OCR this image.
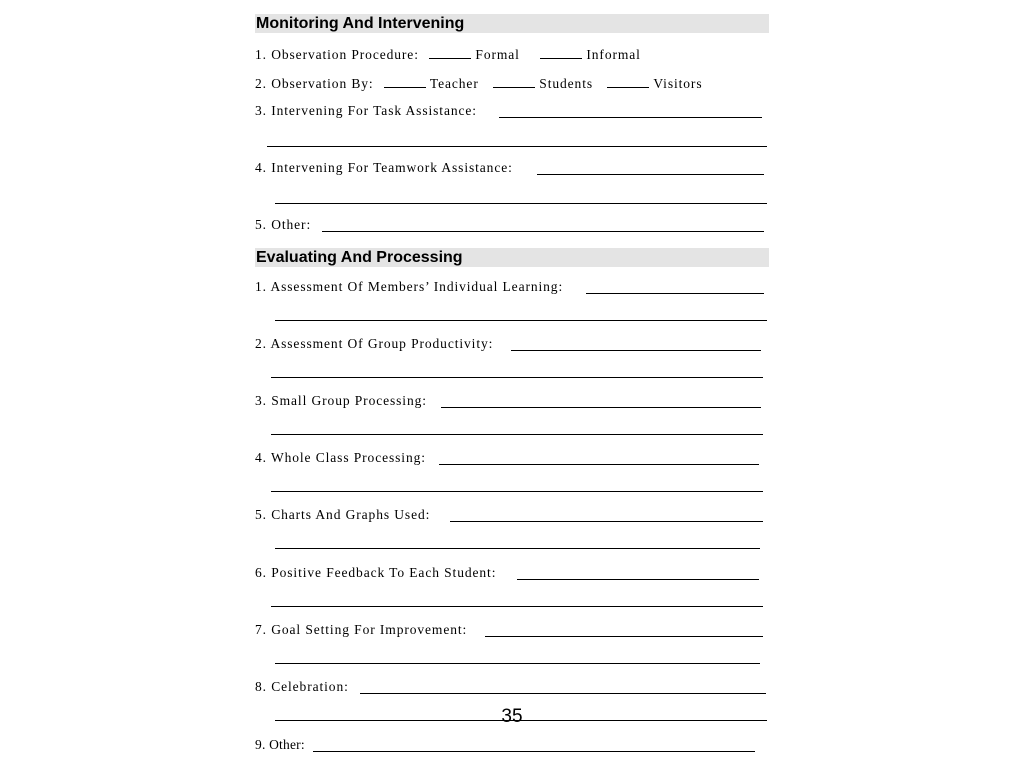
Monitoring And Intervening
1. Observation Procedure:	Formal	Informal
2. Observation By:	Teacher	Students	Visitors
3. Intervening For Task Assistance:
4. Intervening For Teamwork Assistance:
5. Other:
Evaluating And Processing
1. Assessment Of Members’ Individual Learning:
2. Assessment Of Group Productivity:
3. Small Group Processing:
4. Whole Class Processing:
5. Charts And Graphs Used:
6. Positive Feedback To Each Student:
7. Goal Setting For Improvement:
8. Celebration:
35
9. Other:
